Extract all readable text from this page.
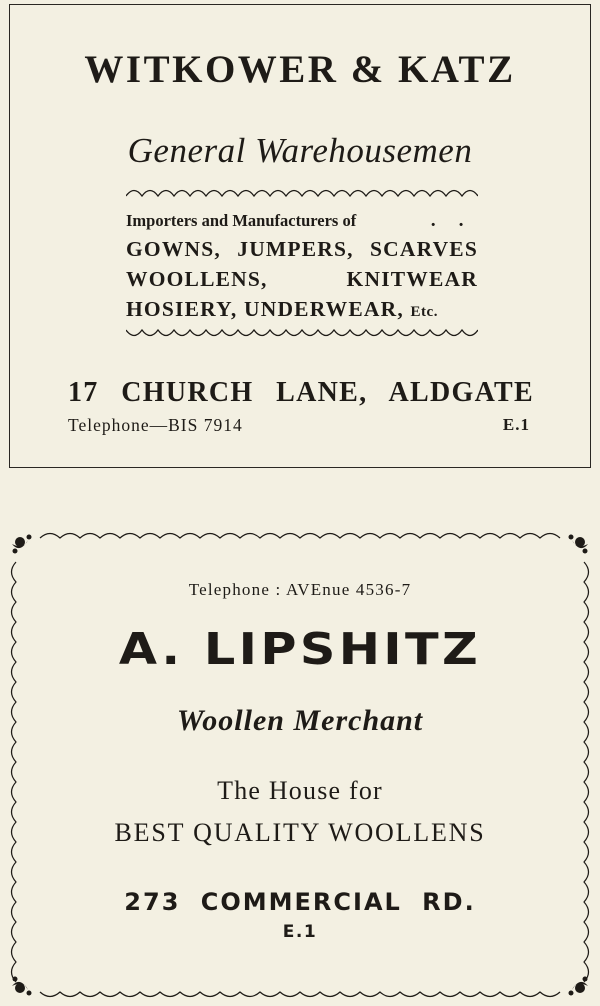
WITKOWER & KATZ
General Warehousemen
Importers and Manufacturers of	. .
GOWNS, JUMPERS, SCARVES
WOOLLENS, KNITWEAR
HOSIERY, UNDERWEAR, Etc.
17 CHURCH LANE, ALDGATE
Telephone—BIS 7914	E.1
Telephone : AVEnue 4536-7
A. LIPSHITZ
Woollen Merchant
The House for
BEST QUALITY WOOLLENS
273 COMMERCIAL RD.
E.1
